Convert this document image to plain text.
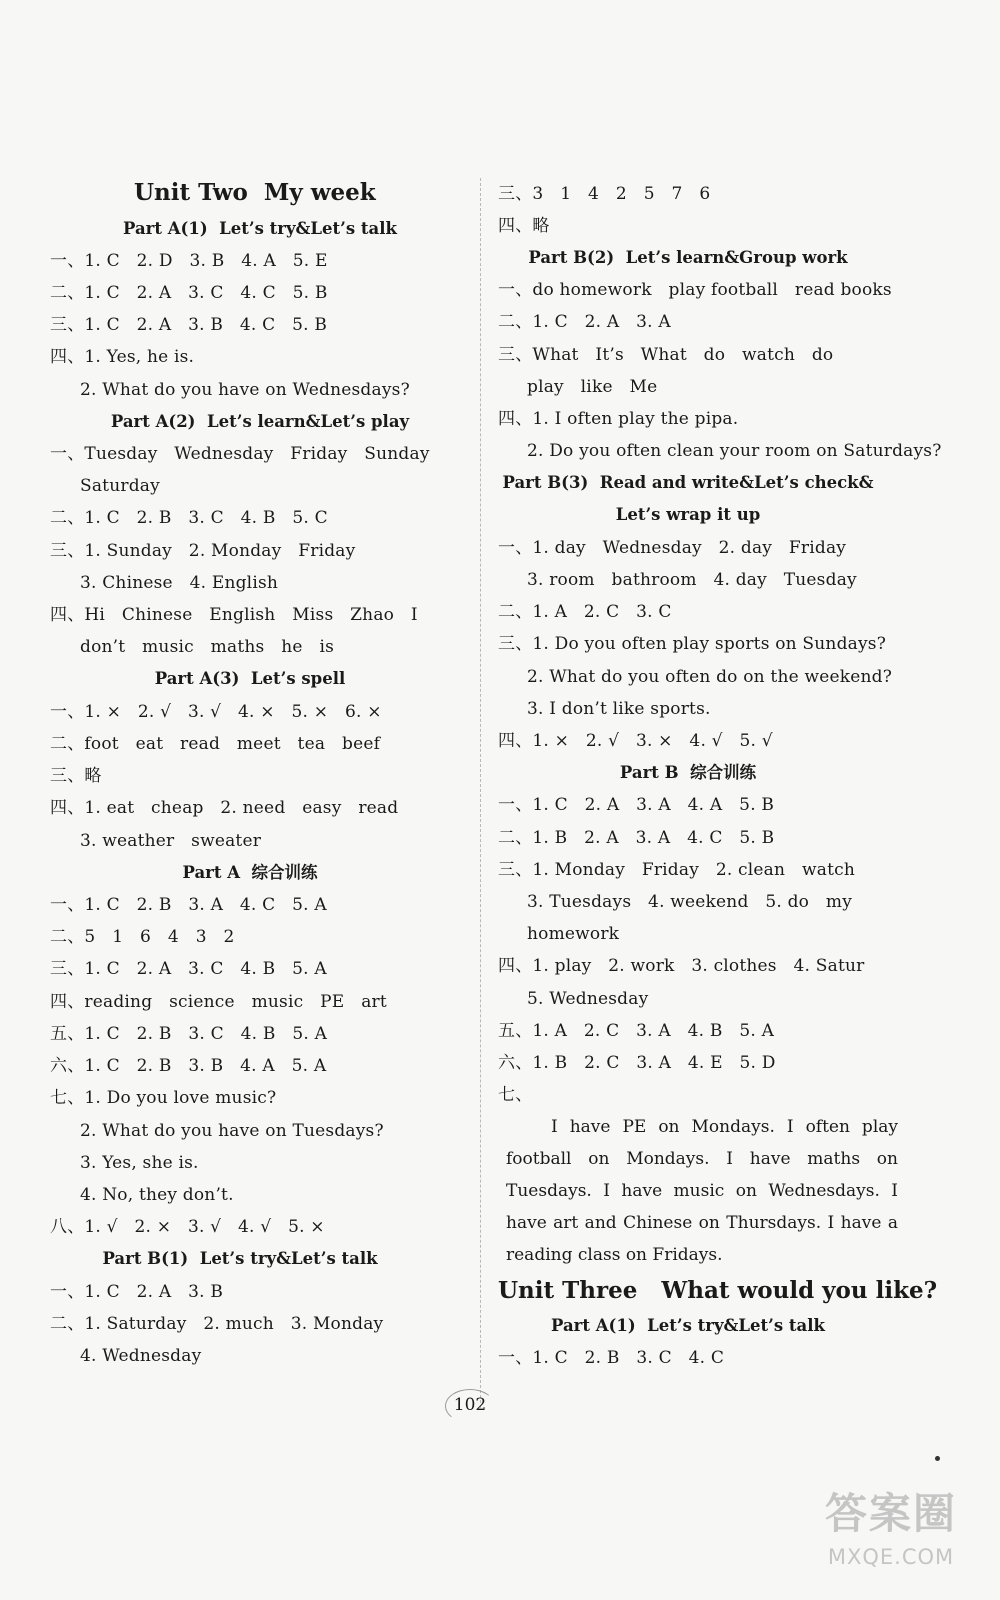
Unit Two  My week
Part A(1)  Let’s try&Let’s talk
一、1. C   2. D   3. B   4. A   5. E
二、1. C   2. A   3. C   4. C   5. B
三、1. C   2. A   3. B   4. C   5. B
四、1. Yes, he is.
2. What do you have on Wednesdays?
Part A(2)  Let’s learn&Let’s play
一、Tuesday   Wednesday   Friday   Sunday
Saturday
二、1. C   2. B   3. C   4. B   5. C
三、1. Sunday   2. Monday   Friday
3. Chinese   4. English
四、Hi   Chinese   English   Miss   Zhao   I
don’t   music   maths   he   is
Part A(3)  Let’s spell
一、1. ×   2. √   3. √   4. ×   5. ×   6. ×
二、foot   eat   read   meet   tea   beef
三、略
四、1. eat   cheap   2. need   easy   read
3. weather   sweater
Part A  综合训练
一、1. C   2. B   3. A   4. C   5. A
二、5   1   6   4   3   2
三、1. C   2. A   3. C   4. B   5. A
四、reading   science   music   PE   art
五、1. C   2. B   3. C   4. B   5. A
六、1. C   2. B   3. B   4. A   5. A
七、1. Do you love music?
2. What do you have on Tuesdays?
3. Yes, she is.
4. No, they don’t.
八、1. √   2. ×   3. √   4. √   5. ×
Part B(1)  Let’s try&Let’s talk
一、1. C   2. A   3. B
二、1. Saturday   2. much   3. Monday
4. Wednesday
三、3   1   4   2   5   7   6
四、略
Part B(2)  Let’s learn&Group work
一、do homework   play football   read books
二、1. C   2. A   3. A
三、What   It’s   What   do   watch   do
play   like   Me
四、1. I often play the pipa.
2. Do you often clean your room on Saturdays?
Part B(3)  Read and write&Let’s check&
Let’s wrap it up
一、1. day   Wednesday   2. day   Friday
3. room   bathroom   4. day   Tuesday
二、1. A   2. C   3. C
三、1. Do you often play sports on Sundays?
2. What do you often do on the weekend?
3. I don’t like sports.
四、1. ×   2. √   3. ×   4. √   5. √
Part B  综合训练
一、1. C   2. A   3. A   4. A   5. B
二、1. B   2. A   3. A   4. C   5. B
三、1. Monday   Friday   2. clean   watch
3. Tuesdays   4. weekend   5. do   my
homework
四、1. play   2. work   3. clothes   4. Satur
5. Wednesday
五、1. A   2. C   3. A   4. B   5. A
六、1. B   2. C   3. A   4. E   5. D
七、
I have PE on Mondays. I often play football on Mondays. I have maths on Tuesdays. I have music on Wednesdays. I have art and Chinese on Thursdays. I have a reading class on Fridays.
Unit Three   What would you like?
Part A(1)  Let’s try&Let’s talk
一、1. C   2. B   3. C   4. C
102
答案圈
MXQE.COM
